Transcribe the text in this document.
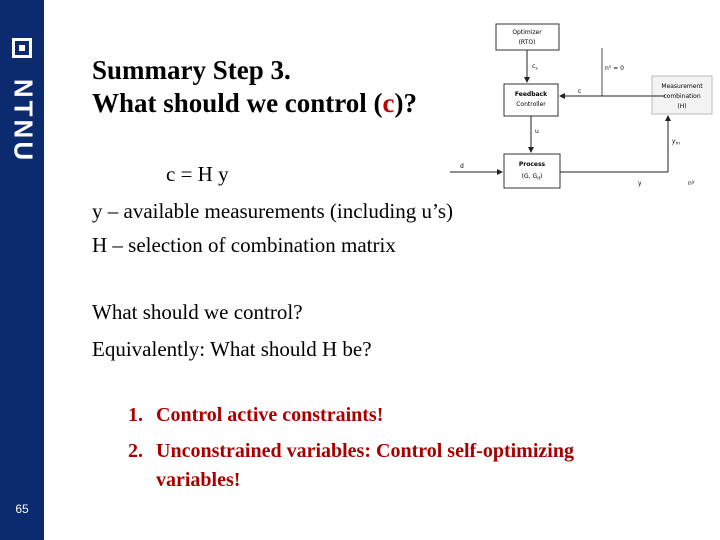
NTNU
65
Summary Step 3.
What should we control (c)?
c = H y
y – available measurements (including u’s)
H – selection of combination matrix
What should we control?
Equivalently: What should H be?
1. Control active constraints!
2. Unconstrained variables: Control self-optimizing
variables!
Optimizer
(RTO)
Feedback
Controller
Measurement
combination
(H)
Process
(G, $G_d$)
$c_s$	$n^c = 0$
c
u
d
$y_m$
y	$n^y$
